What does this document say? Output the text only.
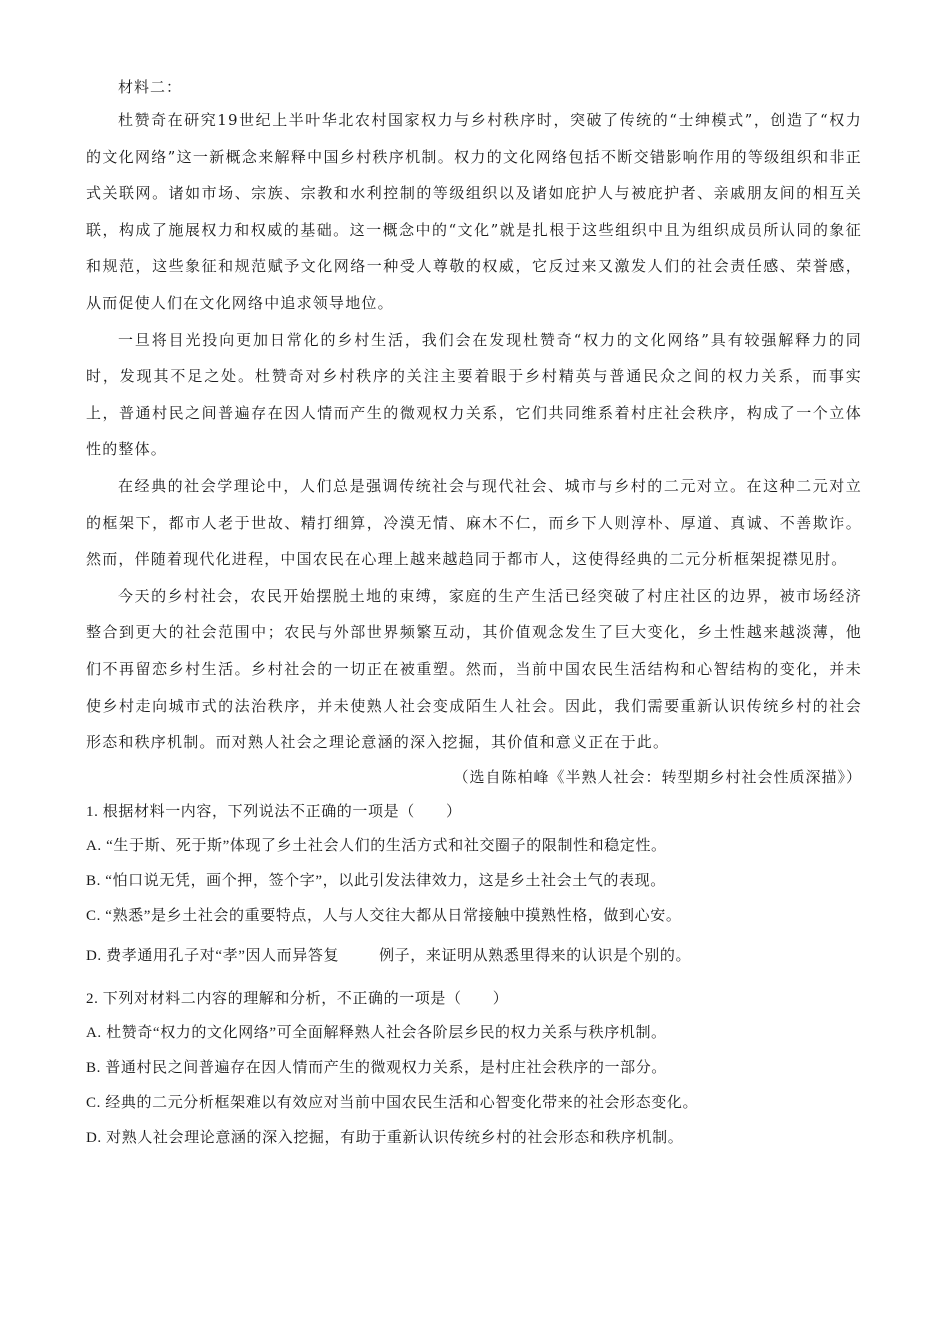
材料二：

杜赞奇在研究19世纪上半叶华北农村国家权力与乡村秩序时，突破了传统的“士绅模式”，创造了“权力的文化网络”这一新概念来解释中国乡村秩序机制。权力的文化网络包括不断交错影响作用的等级组织和非正式关联网。诸如市场、宗族、宗教和水利控制的等级组织以及诸如庇护人与被庇护者、亲戚朋友间的相互关联，构成了施展权力和权威的基础。这一概念中的“文化”就是扎根于这些组织中且为组织成员所认同的象征和规范，这些象征和规范赋予文化网络一种受人尊敬的权威，它反过来又激发人们的社会责任感、荣誉感，从而促使人们在文化网络中追求领导地位。

一旦将目光投向更加日常化的乡村生活，我们会在发现杜赞奇“权力的文化网络”具有较强解释力的同时，发现其不足之处。杜赞奇对乡村秩序的关注主要着眼于乡村精英与普通民众之间的权力关系，而事实上，普通村民之间普遍存在因人情而产生的微观权力关系，它们共同维系着村庄社会秩序，构成了一个立体性的整体。

在经典的社会学理论中，人们总是强调传统社会与现代社会、城市与乡村的二元对立。在这种二元对立的框架下，都市人老于世故、精打细算，冷漠无情、麻木不仁，而乡下人则淳朴、厚道、真诚、不善欺诈。然而，伴随着现代化进程，中国农民在心理上越来越趋同于都市人，这使得经典的二元分析框架捉襟见肘。

今天的乡村社会，农民开始摆脱土地的束缚，家庭的生产生活已经突破了村庄社区的边界，被市场经济整合到更大的社会范围中；农民与外部世界频繁互动，其价值观念发生了巨大变化，乡土性越来越淡薄，他们不再留恋乡村生活。乡村社会的一切正在被重塑。然而，当前中国农民生活结构和心智结构的变化，并未使乡村走向城市式的法治秩序，并未使熟人社会变成陌生人社会。因此，我们需要重新认识传统乡村的社会形态和秩序机制。而对熟人社会之理论意涵的深入挖掘，其价值和意义正在于此。

（选自陈柏峰《半熟人社会：转型期乡村社会性质深描》）
1. 根据材料一内容，下列说法不正确的一项是（　　）
A. “生于斯、死于斯”体现了乡土社会人们的生活方式和社交圈子的限制性和稳定性。
B. “怕口说无凭，画个押，签个字”，以此引发法律效力，这是乡土社会土气的表现。
C. “熟悉”是乡土社会的重要特点，人与人交往大都从日常接触中摸熟性格，做到心安。
D. 费孝通用孔子对“孝”因人而异答复	例子，来证明从熟悉里得来的认识是个别的。
2. 下列对材料二内容的理解和分析，不正确的一项是（　　）
A. 杜赞奇“权力的文化网络”可全面解释熟人社会各阶层乡民的权力关系与秩序机制。
B. 普通村民之间普遍存在因人情而产生的微观权力关系，是村庄社会秩序的一部分。
C. 经典的二元分析框架难以有效应对当前中国农民生活和心智变化带来的社会形态变化。
D. 对熟人社会理论意涵的深入挖掘，有助于重新认识传统乡村的社会形态和秩序机制。
